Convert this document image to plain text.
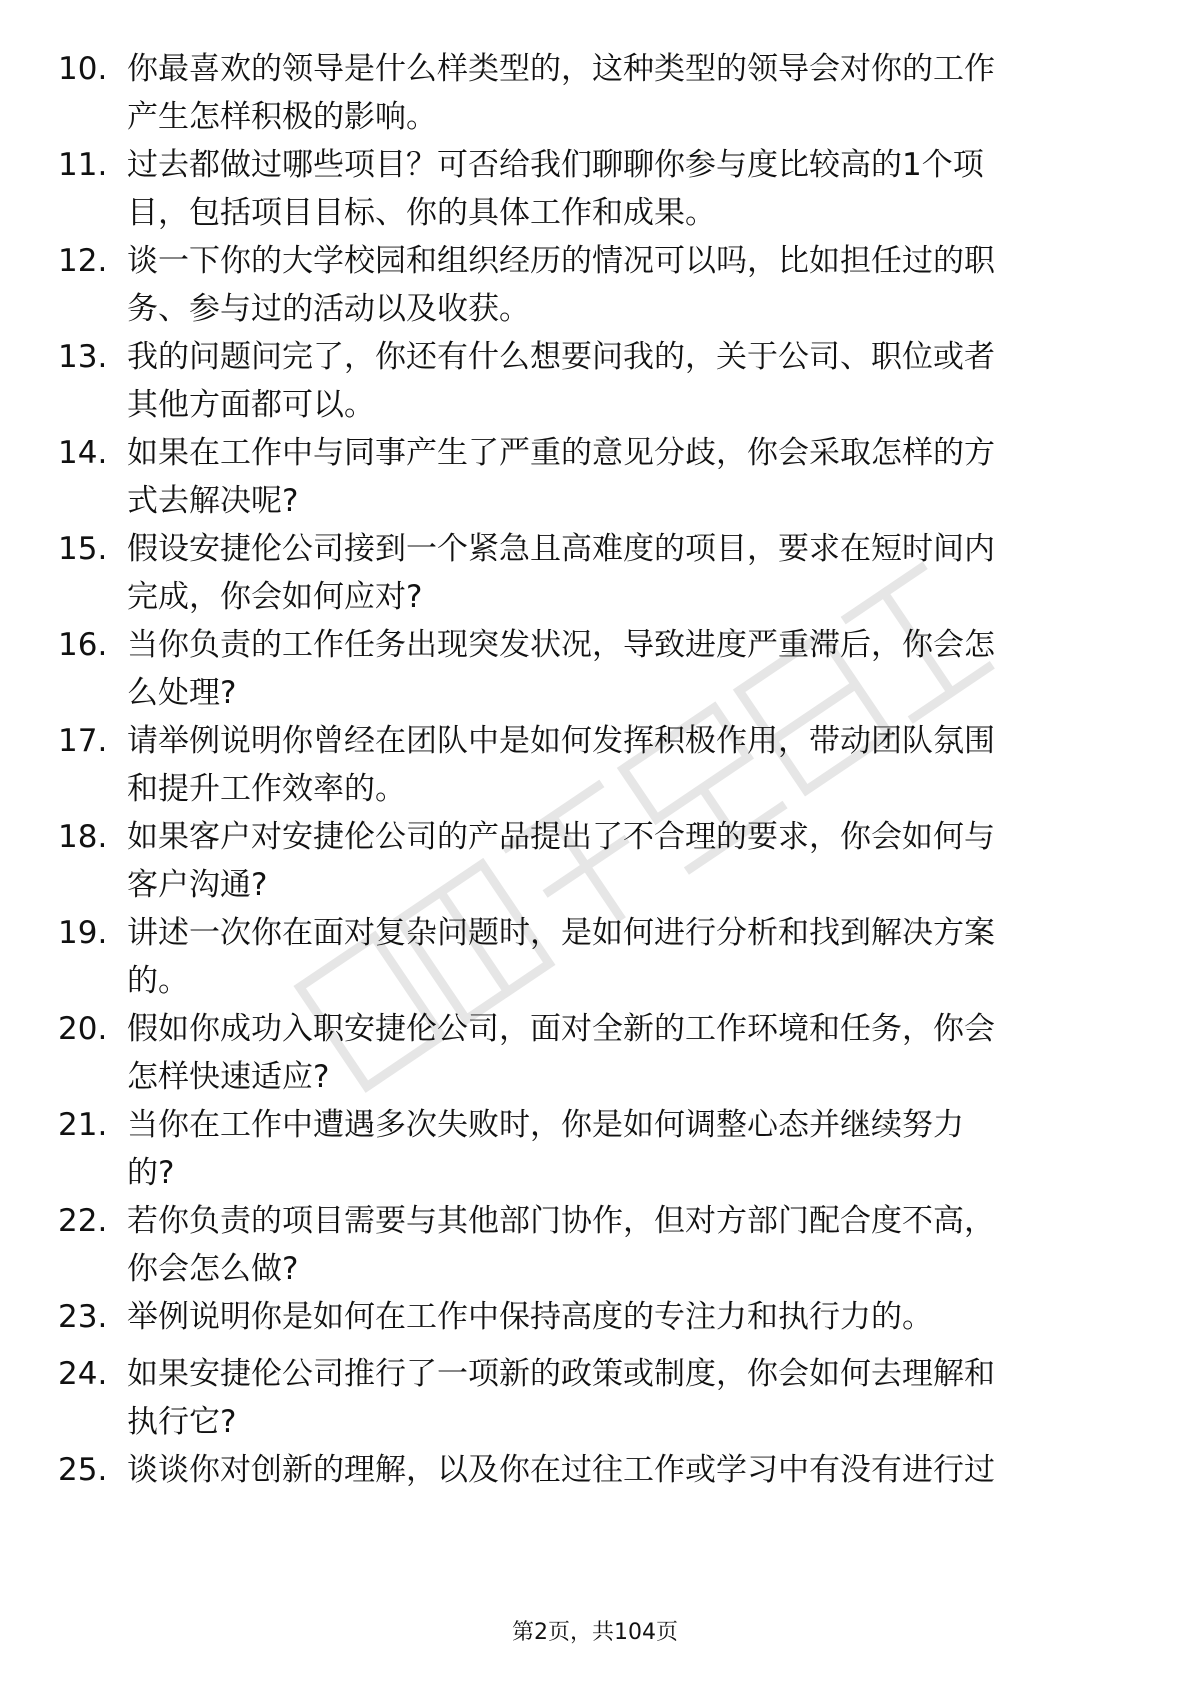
10. 你最喜欢的领导是什么样类型的，这种类型的领导会对你的工作
产生怎样积极的影响。
11. 过去都做过哪些项目？可否给我们聊聊你参与度比较高的1个项
目，包括项目目标、你的具体工作和成果。
12. 谈一下你的大学校园和组织经历的情况可以吗，比如担任过的职
务、参与过的活动以及收获。
13. 我的问题问完了，你还有什么想要问我的，关于公司、职位或者
其他方面都可以。
14. 如果在工作中与同事产生了严重的意见分歧，你会采取怎样的方
式去解决呢?
15. 假设安捷伦公司接到一个紧急且高难度的项目，要求在短时间内
完成，你会如何应对?
16. 当你负责的工作任务出现突发状况，导致进度严重滞后，你会怎
么处理?
17. 请举例说明你曾经在团队中是如何发挥积极作用，带动团队氛围
和提升工作效率的。
18. 如果客户对安捷伦公司的产品提出了不合理的要求，你会如何与
客户沟通?
19. 讲述一次你在面对复杂问题时，是如何进行分析和找到解决方案
的。
20. 假如你成功入职安捷伦公司，面对全新的工作环境和任务，你会
怎样快速适应?
21. 当你在工作中遭遇多次失败时，你是如何调整心态并继续努力
的?
22. 若你负责的项目需要与其他部门协作，但对方部门配合度不高，
你会怎么做?
23. 举例说明你是如何在工作中保持高度的专注力和执行力的。
24. 如果安捷伦公司推行了一项新的政策或制度，你会如何去理解和
执行它?
25. 谈谈你对创新的理解，以及你在过往工作或学习中有没有进行过
第2页，共104页
